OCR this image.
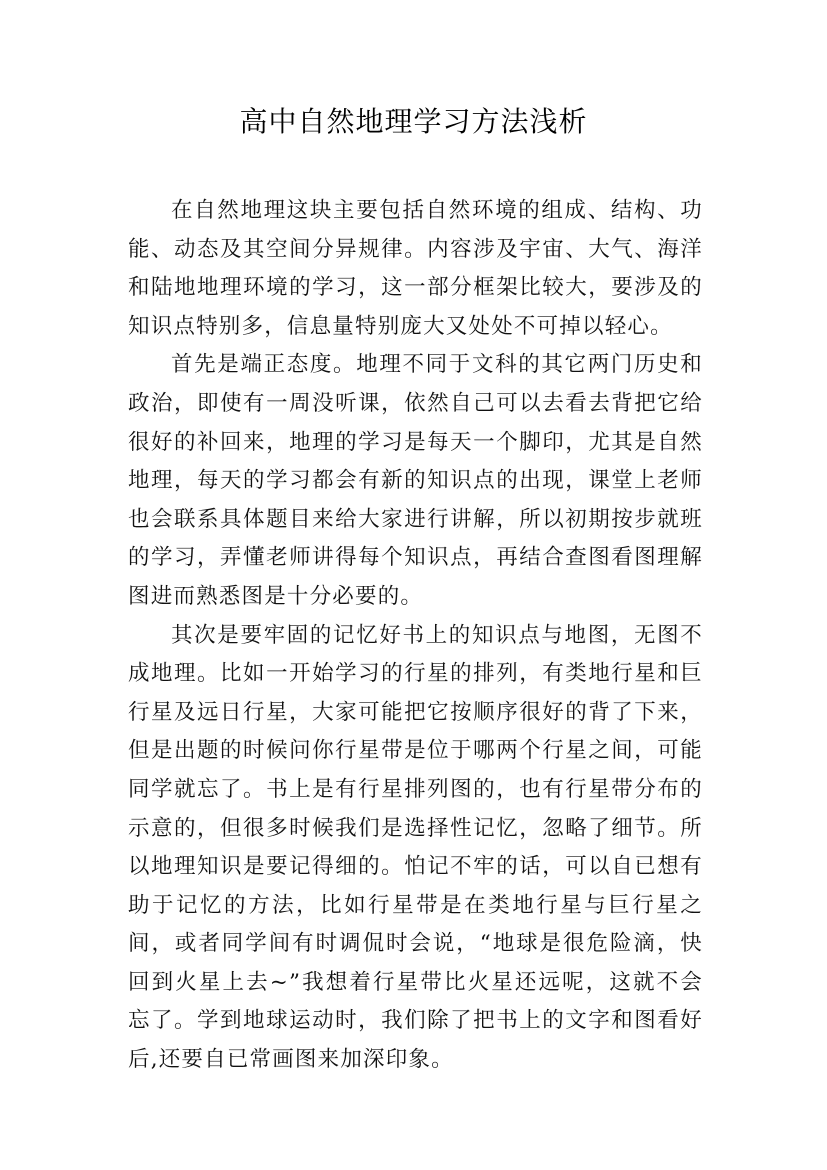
高中自然地理学习方法浅析

在自然地理这块主要包括自然环境的组成、结构、功能、动态及其空间分异规律。内容涉及宇宙、大气、海洋和陆地地理环境的学习，这一部分框架比较大，要涉及的知识点特别多，信息量特别庞大又处处不可掉以轻心。

首先是端正态度。地理不同于文科的其它两门历史和政治，即使有一周没听课，依然自己可以去看去背把它给很好的补回来，地理的学习是每天一个脚印，尤其是自然地理，每天的学习都会有新的知识点的出现，课堂上老师也会联系具体题目来给大家进行讲解，所以初期按步就班的学习，弄懂老师讲得每个知识点，再结合查图看图理解图进而熟悉图是十分必要的。

其次是要牢固的记忆好书上的知识点与地图，无图不成地理。比如一开始学习的行星的排列，有类地行星和巨行星及远日行星，大家可能把它按顺序很好的背了下来，但是出题的时候问你行星带是位于哪两个行星之间，可能同学就忘了。书上是有行星排列图的，也有行星带分布的示意的，但很多时候我们是选择性记忆，忽略了细节。所以地理知识是要记得细的。怕记不牢的话，可以自已想有助于记忆的方法，比如行星带是在类地行星与巨行星之间，或者同学间有时调侃时会说，“地球是很危险滴，快回到火星上去~”我想着行星带比火星还远呢，这就不会忘了。学到地球运动时，我们除了把书上的文字和图看好后,还要自已常画图来加深印象。
